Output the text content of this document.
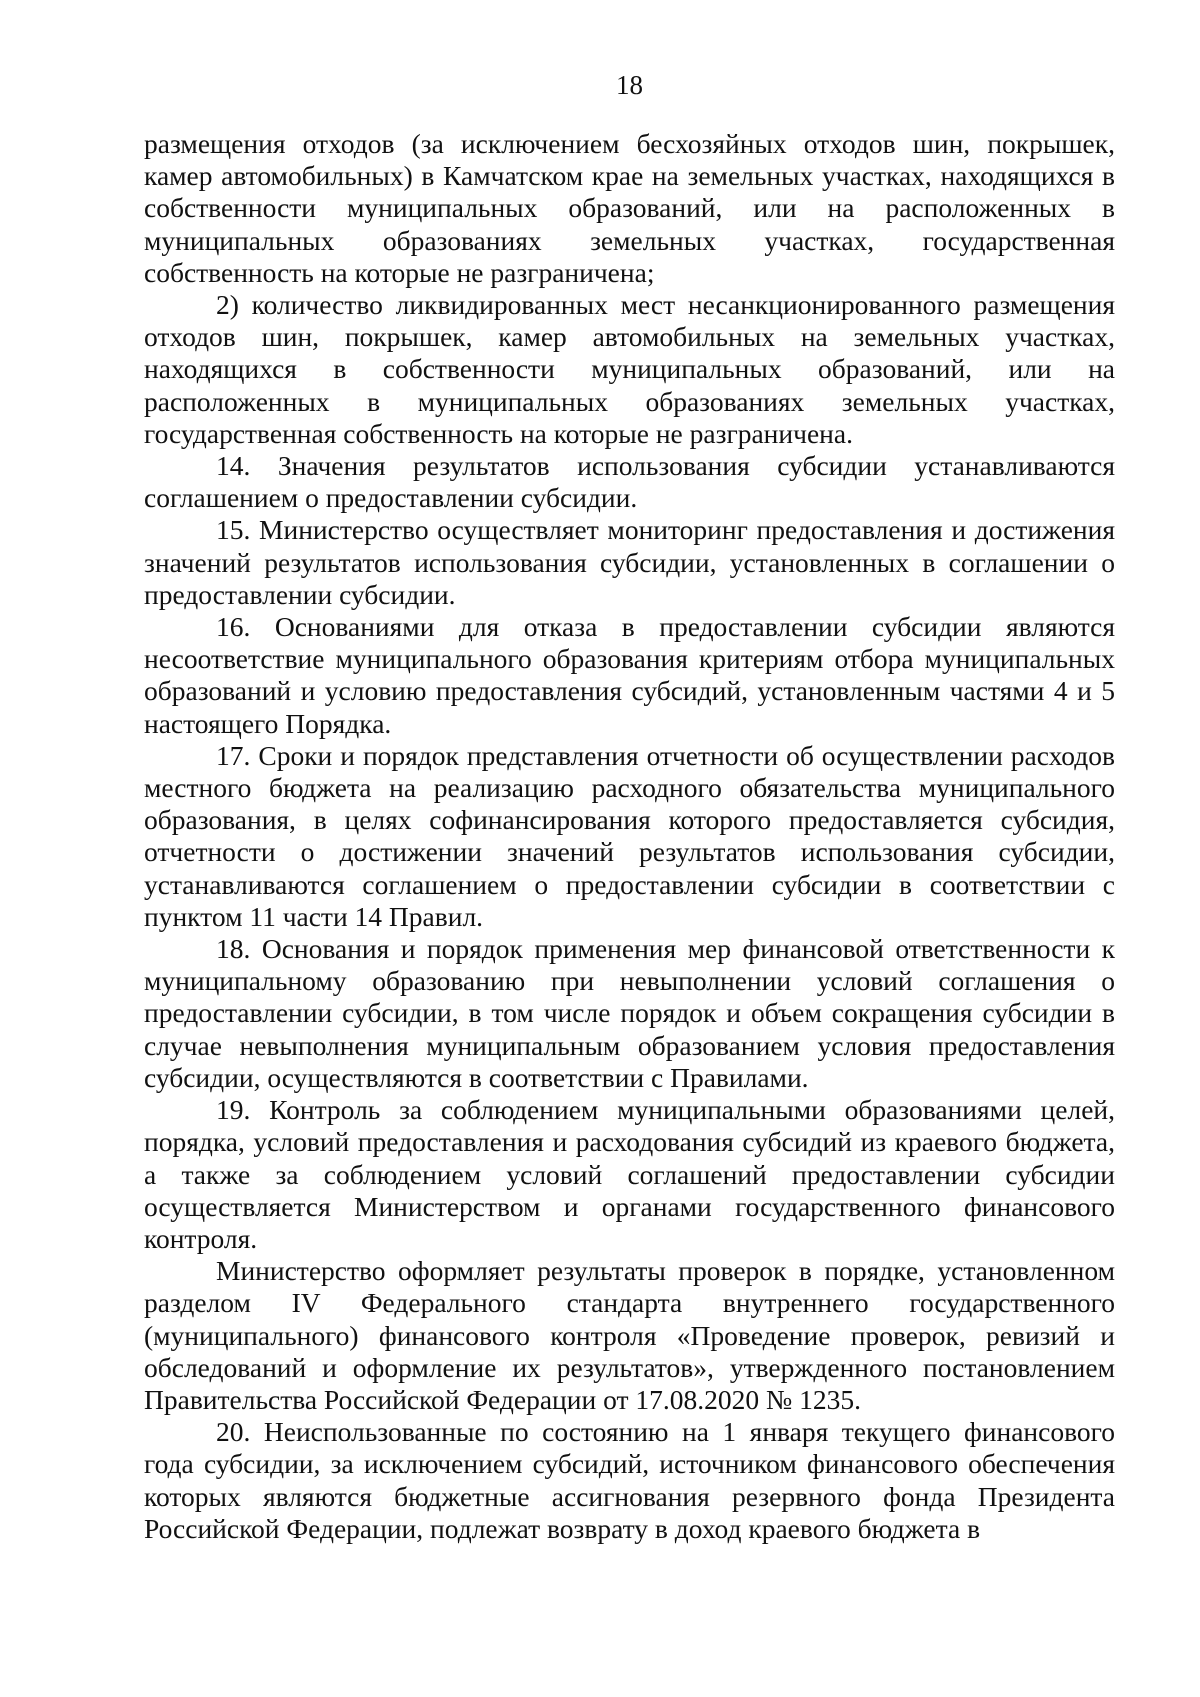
18

размещения отходов (за исключением бесхозяйных отходов шин, покрышек, камер автомобильных) в Камчатском крае на земельных участках, находящихся в собственности муниципальных образований, или на расположенных в муниципальных образованиях земельных участках, государственная собственность на которые не разграничена;

2) количество ликвидированных мест несанкционированного размещения отходов шин, покрышек, камер автомобильных на земельных участках, находящихся в собственности муниципальных образований, или на расположенных в муниципальных образованиях земельных участках, государственная собственность на которые не разграничена.

14. Значения результатов использования субсидии устанавливаются соглашением о предоставлении субсидии.

15. Министерство осуществляет мониторинг предоставления и достижения значений результатов использования субсидии, установленных в соглашении о предоставлении субсидии.

16. Основаниями для отказа в предоставлении субсидии являются несоответствие муниципального образования критериям отбора муниципальных образований и условию предоставления субсидий, установленным частями 4 и 5 настоящего Порядка.

17. Сроки и порядок представления отчетности об осуществлении расходов местного бюджета на реализацию расходного обязательства муниципального образования, в целях софинансирования которого предоставляется субсидия, отчетности о достижении значений результатов использования субсидии, устанавливаются соглашением о предоставлении субсидии в соответствии с пунктом 11 части 14 Правил.

18. Основания и порядок применения мер финансовой ответственности к муниципальному образованию при невыполнении условий соглашения о предоставлении субсидии, в том числе порядок и объем сокращения субсидии в случае невыполнения муниципальным образованием условия предоставления субсидии, осуществляются в соответствии с Правилами.

19. Контроль за соблюдением муниципальными образованиями целей, порядка, условий предоставления и расходования субсидий из краевого бюджета, а также за соблюдением условий соглашений предоставлении субсидии осуществляется Министерством и органами государственного финансового контроля.

Министерство оформляет результаты проверок в порядке, установленном разделом IV Федерального стандарта внутреннего государственного (муниципального) финансового контроля «Проведение проверок, ревизий и обследований и оформление их результатов», утвержденного постановлением Правительства Российской Федерации от 17.08.2020 № 1235.

20. Неиспользованные по состоянию на 1 января текущего финансового года субсидии, за исключением субсидий, источником финансового обеспечения которых являются бюджетные ассигнования резервного фонда Президента Российской Федерации, подлежат возврату в доход краевого бюджета в
